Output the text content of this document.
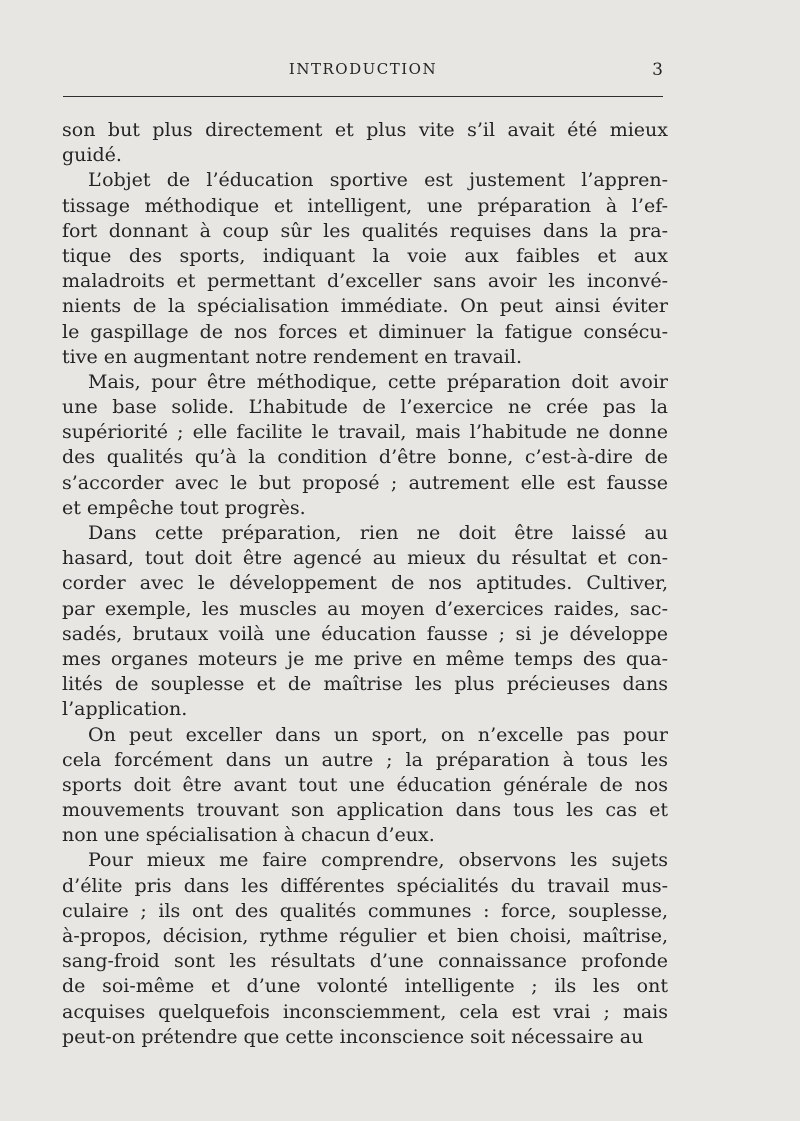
INTRODUCTION	3
son but plus directement et plus vite s’il avait été mieux
guidé.
L’objet de l’éducation sportive est justement l’appren-
tissage méthodique et intelligent, une préparation à l’ef-
fort donnant à coup sûr les qualités requises dans la pra-
tique des sports, indiquant la voie aux faibles et aux
maladroits et permettant d’exceller sans avoir les inconvé-
nients de la spécialisation immédiate. On peut ainsi éviter
le gaspillage de nos forces et diminuer la fatigue consécu-
tive en augmentant notre rendement en travail.
Mais, pour être méthodique, cette préparation doit avoir
une base solide. L’habitude de l’exercice ne crée pas la
supériorité ; elle facilite le travail, mais l’habitude ne donne
des qualités qu’à la condition d’être bonne, c’est-à-dire de
s’accorder avec le but proposé ; autrement elle est fausse
et empêche tout progrès.
Dans cette préparation, rien ne doit être laissé au
hasard, tout doit être agencé au mieux du résultat et con-
corder avec le développement de nos aptitudes. Cultiver,
par exemple, les muscles au moyen d’exercices raides, sac-
sadés, brutaux voilà une éducation fausse ; si je développe
mes organes moteurs je me prive en même temps des qua-
lités de souplesse et de maîtrise les plus précieuses dans
l’application.
On peut exceller dans un sport, on n’excelle pas pour
cela forcément dans un autre ; la préparation à tous les
sports doit être avant tout une éducation générale de nos
mouvements trouvant son application dans tous les cas et
non une spécialisation à chacun d’eux.
Pour mieux me faire comprendre, observons les sujets
d’élite pris dans les différentes spécialités du travail mus-
culaire ; ils ont des qualités communes : force, souplesse,
à-propos, décision, rythme régulier et bien choisi, maîtrise,
sang-froid sont les résultats d’une connaissance profonde
de soi-même et d’une volonté intelligente ; ils les ont
acquises quelquefois inconsciemment, cela est vrai ; mais
peut-on prétendre que cette inconscience soit nécessaire au
